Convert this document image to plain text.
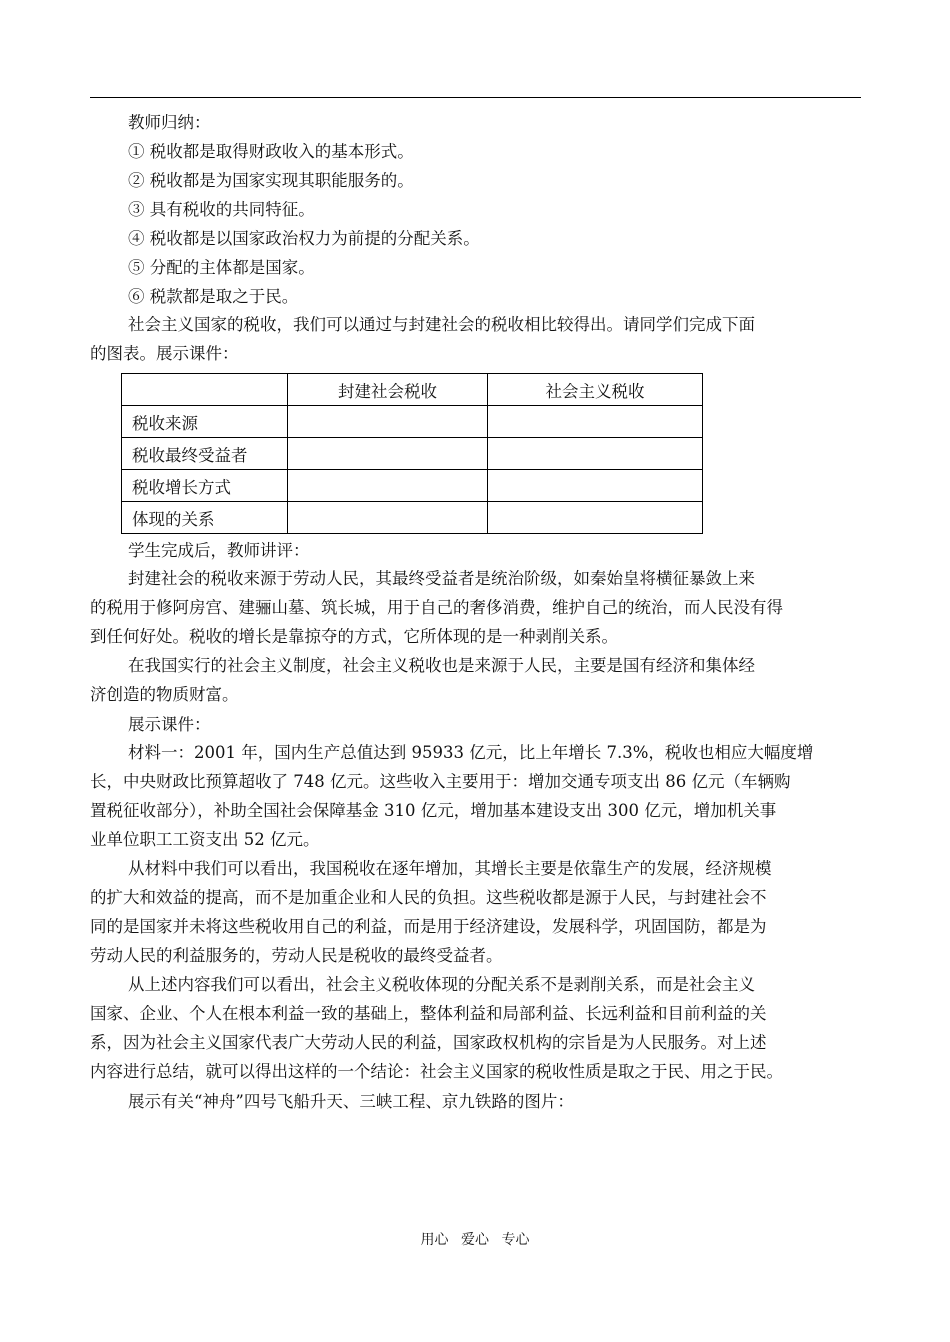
教师归纳：
① 税收都是取得财政收入的基本形式。
② 税收都是为国家实现其职能服务的。
③ 具有税收的共同特征。
④ 税收都是以国家政治权力为前提的分配关系。
⑤ 分配的主体都是国家。
⑥ 税款都是取之于民。
社会主义国家的税收，我们可以通过与封建社会的税收相比较得出。请同学们完成下面
的图表。展示课件：
	封建社会税收	社会主义税收
税收来源		
税收最终受益者		
税收增长方式		
体现的关系		
学生完成后，教师讲评：
封建社会的税收来源于劳动人民，其最终受益者是统治阶级，如秦始皇将横征暴敛上来
的税用于修阿房宫、建骊山墓、筑长城，用于自己的奢侈消费，维护自己的统治，而人民没有得
到任何好处。税收的增长是靠掠夺的方式，它所体现的是一种剥削关系。
在我国实行的社会主义制度，社会主义税收也是来源于人民，主要是国有经济和集体经
济创造的物质财富。
展示课件：
材料一：2001 年，国内生产总值达到 95933 亿元，比上年增长 7.3%，税收也相应大幅度增
长，中央财政比预算超收了 748 亿元。这些收入主要用于：增加交通专项支出 86 亿元（车辆购
置税征收部分），补助全国社会保障基金 310 亿元，增加基本建设支出 300 亿元，增加机关事
业单位职工工资支出 52 亿元。
从材料中我们可以看出，我国税收在逐年增加，其增长主要是依靠生产的发展，经济规模
的扩大和效益的提高，而不是加重企业和人民的负担。这些税收都是源于人民，与封建社会不
同的是国家并未将这些税收用自己的利益，而是用于经济建设，发展科学，巩固国防，都是为
劳动人民的利益服务的，劳动人民是税收的最终受益者。
从上述内容我们可以看出，社会主义税收体现的分配关系不是剥削关系，而是社会主义
国家、企业、个人在根本利益一致的基础上，整体利益和局部利益、长远利益和目前利益的关
系，因为社会主义国家代表广大劳动人民的利益，国家政权机构的宗旨是为人民服务。对上述
内容进行总结，就可以得出这样的一个结论：社会主义国家的税收性质是取之于民、用之于民。
展示有关“神舟”四号飞船升天、三峡工程、京九铁路的图片：
用心 爱心 专心
